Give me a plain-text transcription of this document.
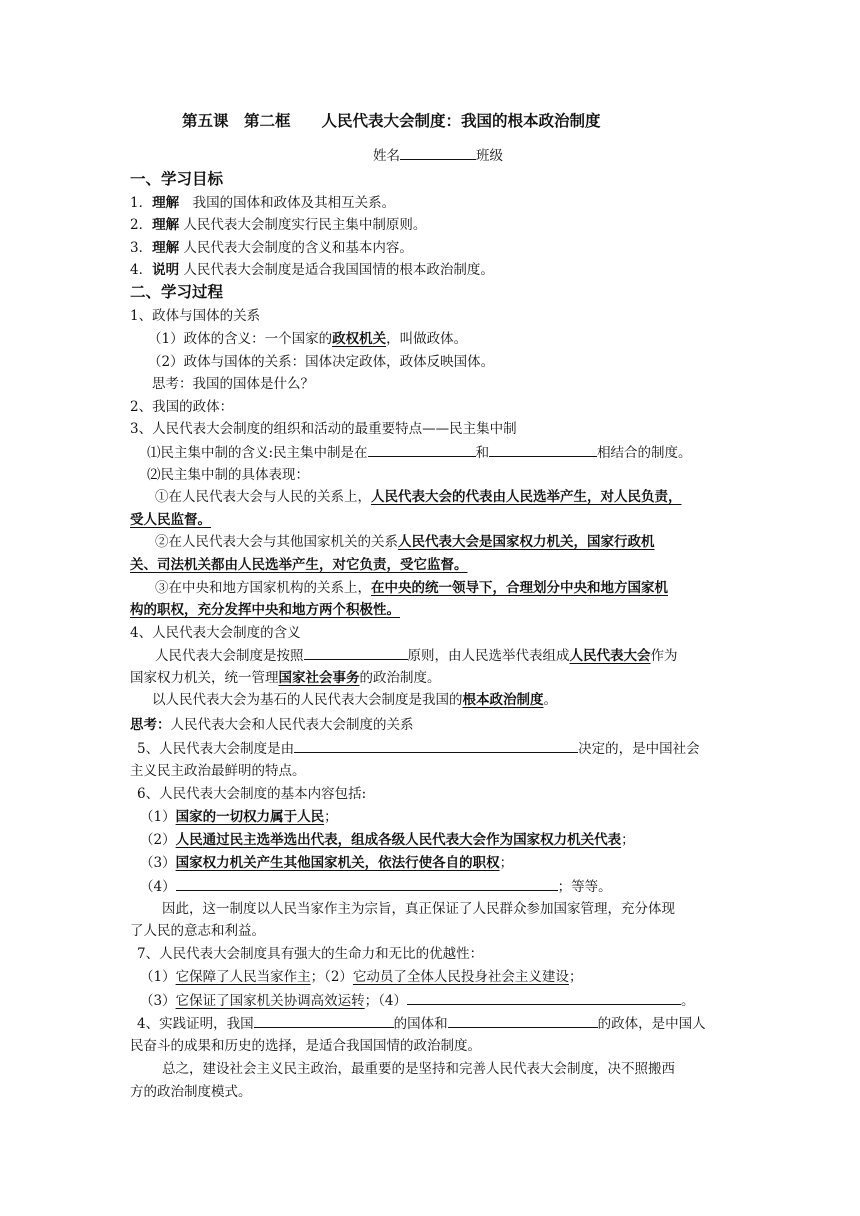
第五课　第二框　　人民代表大会制度：我国的根本政治制度
姓名	班级
一、学习目标
1．理解　我国的国体和政体及其相互关系。
2．理解 人民代表大会制度实行民主集中制原则。
3．理解 人民代表大会制度的含义和基本内容。
4．说明 人民代表大会制度是适合我国国情的根本政治制度。
二、学习过程
1、政体与国体的关系
（1）政体的含义：一个国家的政权机关，叫做政体。
（2）政体与国体的关系：国体决定政体，政体反映国体。
思考：我国的国体是什么？
2、我国的政体：
3、人民代表大会制度的组织和活动的最重要特点——民主集中制
⑴民主集中制的含义:民主集中制是在	和	相结合的制度。
⑵民主集中制的具体表现：
①在人民代表大会与人民的关系上，人民代表大会的代表由人民选举产生，对人民负责，
受人民监督。
②在人民代表大会与其他国家机关的关系人民代表大会是国家权力机关，国家行政机
关、司法机关都由人民选举产生，对它负责，受它监督。
③在中央和地方国家机构的关系上，在中央的统一领导下，合理划分中央和地方国家机
构的职权，充分发挥中央和地方两个积极性。
4、人民代表大会制度的含义
人民代表大会制度是按照	原则，由人民选举代表组成人民代表大会作为
国家权力机关，统一管理国家社会事务的政治制度。
以人民代表大会为基石的人民代表大会制度是我国的根本政治制度。
思考：人民代表大会和人民代表大会制度的关系
5、人民代表大会制度是由	决定的，是中国社会
主义民主政治最鲜明的特点。
6、人民代表大会制度的基本内容包括:
（1）国家的一切权力属于人民；
（2）人民通过民主选举选出代表，组成各级人民代表大会作为国家权力机关代表；
（3）国家权力机关产生其他国家机关，依法行使各自的职权；
（4）	；等等。
因此，这一制度以人民当家作主为宗旨，真正保证了人民群众参加国家管理，充分体现
了人民的意志和利益。
7、人民代表大会制度具有强大的生命力和无比的优越性：
（1）它保障了人民当家作主；（2）它动员了全体人民投身社会主义建设；
（3）它保证了国家机关协调高效运转；（4）	。
4、实践证明，我国	的国体和	的政体，是中国人
民奋斗的成果和历史的选择，是适合我国国情的政治制度。
总之，建设社会主义民主政治，最重要的是坚持和完善人民代表大会制度，决不照搬西
方的政治制度模式。
